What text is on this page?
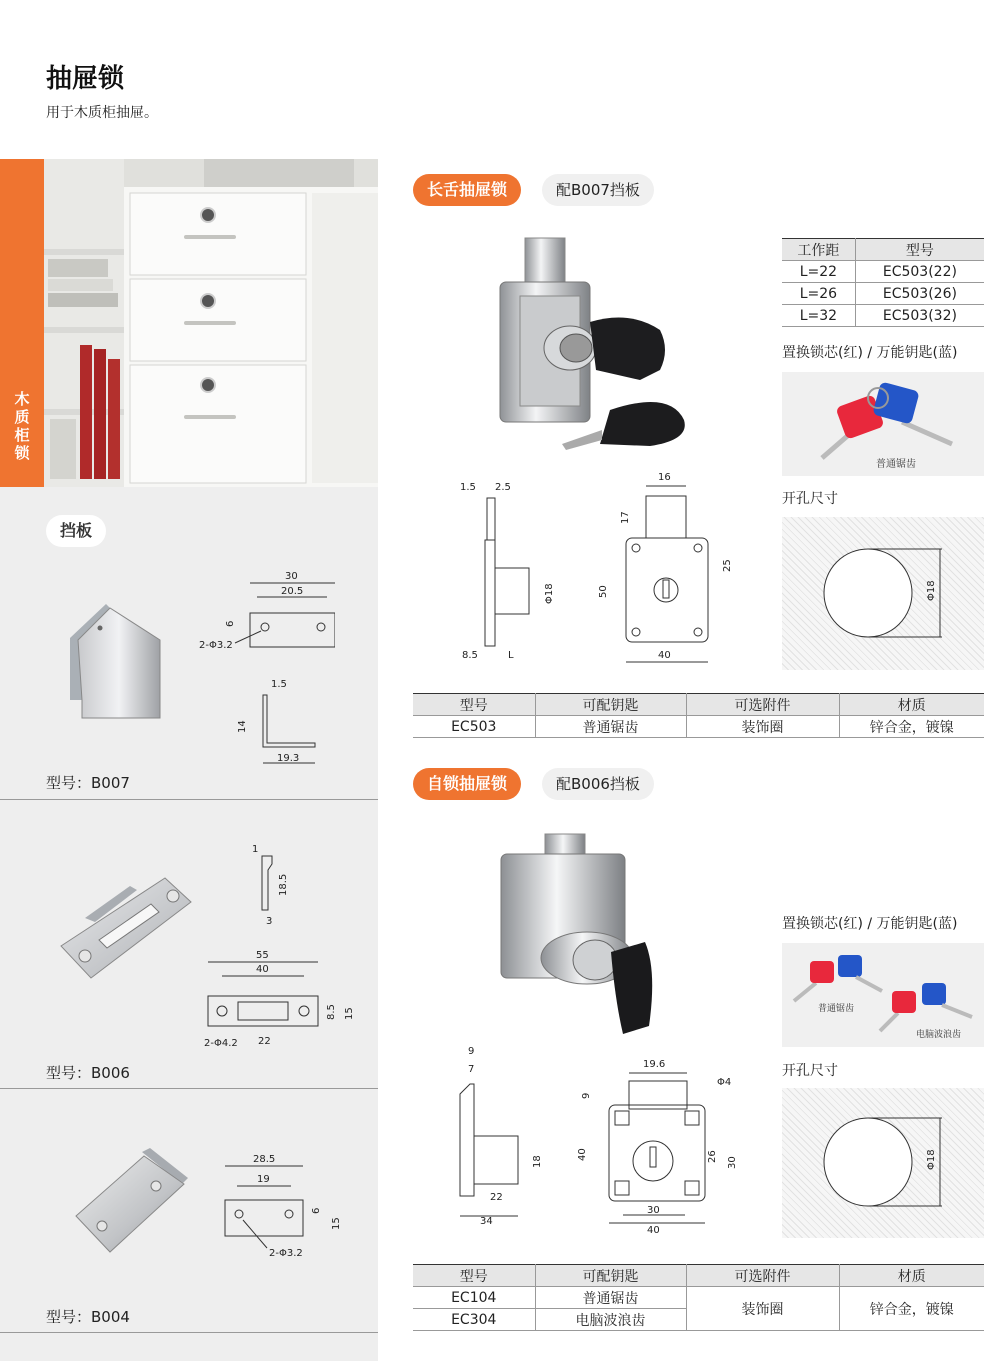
抽屉锁
用于木质柜抽屉。
木质柜锁
挡板
30
20.5
6
2-Φ3.2
1.5
14
19.3
型号：B007
1
18.5
3
55
40
8.5 15
2-Φ4.2 22
型号：B006
28.5
19
6
15
2-Φ3.2
型号：B004
长舌抽屉锁	配B007挡板
1.5 2.5
Φ18
8.5	L
16
17
25
50
40
工作距	型号
L=22	EC503(22)
L=26	EC503(26)
L=32	EC503(32)
置换锁芯(红) / 万能钥匙(蓝)
普通锯齿
开孔尺寸
Φ18
型号	可配钥匙	可选附件	材质
EC503	普通锯齿	装饰圈	锌合金，镀镍
自锁抽屉锁	配B006挡板
9
7
18
22
34
19.6
Φ4
9
26 30
40
30
40
置换锁芯(红) / 万能钥匙(蓝)
普通锯齿
电脑波浪齿
开孔尺寸
Φ18
型号	可配钥匙	可选附件	材质
EC104	普通锯齿	装饰圈	锌合金，镀镍
EC304	电脑波浪齿		
